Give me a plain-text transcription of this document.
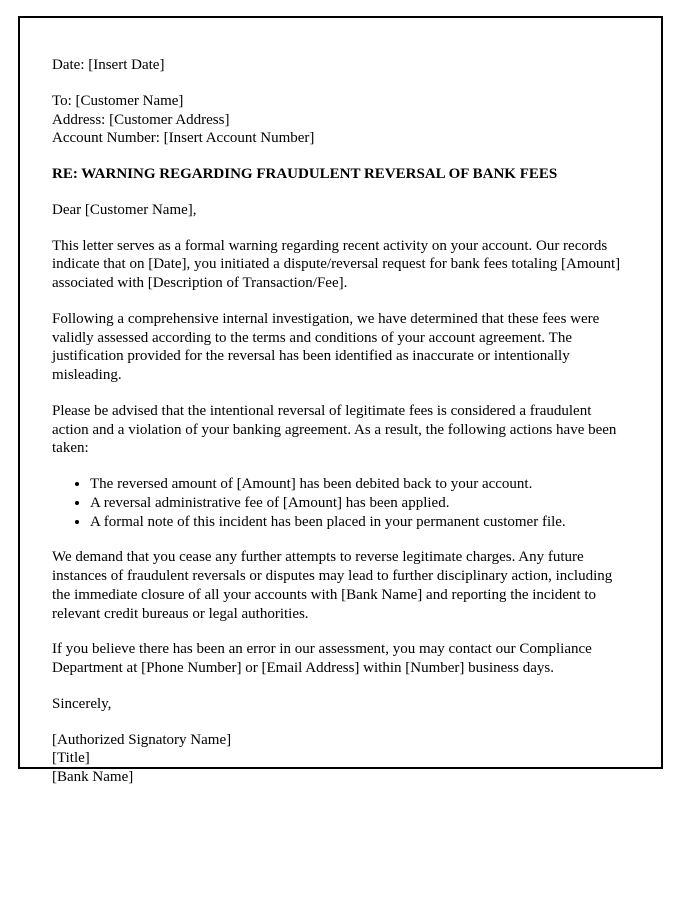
Date: [Insert Date]

To: [Customer Name]

Address: [Customer Address]

Account Number: [Insert Account Number]

RE: WARNING REGARDING FRAUDULENT REVERSAL OF BANK FEES

Dear [Customer Name],

This letter serves as a formal warning regarding recent activity on your account. Our records indicate that on [Date], you initiated a dispute/reversal request for bank fees totaling [Amount] associated with [Description of Transaction/Fee].

Following a comprehensive internal investigation, we have determined that these fees were validly assessed according to the terms and conditions of your account agreement. The justification provided for the reversal has been identified as inaccurate or intentionally misleading.

Please be advised that the intentional reversal of legitimate fees is considered a fraudulent action and a violation of your banking agreement. As a result, the following actions have been taken:

• The reversed amount of [Amount] has been debited back to your account.
• A reversal administrative fee of [Amount] has been applied.
• A formal note of this incident has been placed in your permanent customer file.

We demand that you cease any further attempts to reverse legitimate charges. Any future instances of fraudulent reversals or disputes may lead to further disciplinary action, including the immediate closure of all your accounts with [Bank Name] and reporting the incident to relevant credit bureaus or legal authorities.

If you believe there has been an error in our assessment, you may contact our Compliance Department at [Phone Number] or [Email Address] within [Number] business days.

Sincerely,

[Authorized Signatory Name]

[Title]

[Bank Name]
